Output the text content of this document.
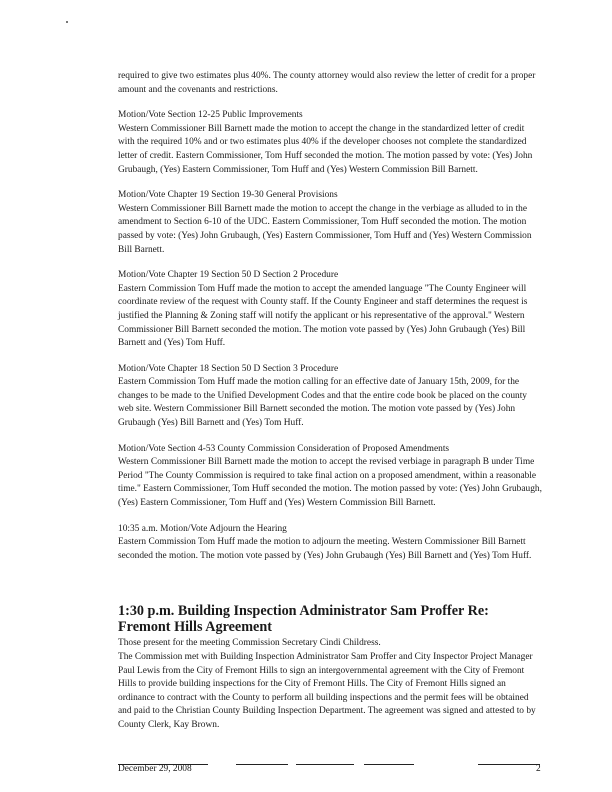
required to give two estimates plus 40%. The county attorney would also review the letter of credit for a proper amount and the covenants and restrictions.

Motion/Vote Section 12-25 Public Improvements
Western Commissioner Bill Barnett made the motion to accept the change in the standardized letter of credit with the required 10% and or two estimates plus 40% if the developer chooses not complete the standardized letter of credit. Eastern Commissioner, Tom Huff seconded the motion. The motion passed by vote: (Yes) John Grubaugh, (Yes) Eastern Commissioner, Tom Huff and (Yes) Western Commission Bill Barnett.
Motion/Vote Chapter 19 Section 19-30 General Provisions
Western Commissioner Bill Barnett made the motion to accept the change in the verbiage as alluded to in the amendment to Section 6-10 of the UDC. Eastern Commissioner, Tom Huff seconded the motion. The motion passed by vote: (Yes) John Grubaugh, (Yes) Eastern Commissioner, Tom Huff and (Yes) Western Commission Bill Barnett.
Motion/Vote Chapter 19 Section 50 D Section 2 Procedure
Eastern Commission Tom Huff made the motion to accept the amended language "The County Engineer will coordinate review of the request with County staff. If the County Engineer and staff determines the request is justified the Planning & Zoning staff will notify the applicant or his representative of the approval." Western Commissioner Bill Barnett seconded the motion. The motion vote passed by (Yes) John Grubaugh (Yes) Bill Barnett and (Yes) Tom Huff.
Motion/Vote Chapter 18 Section 50 D Section 3 Procedure
Eastern Commission Tom Huff made the motion calling for an effective date of January 15th, 2009, for the changes to be made to the Unified Development Codes and that the entire code book be placed on the county web site. Western Commissioner Bill Barnett seconded the motion. The motion vote passed by (Yes) John Grubaugh (Yes) Bill Barnett and (Yes) Tom Huff.
Motion/Vote Section 4-53 County Commission Consideration of Proposed Amendments
Western Commissioner Bill Barnett made the motion to accept the revised verbiage in paragraph B under Time Period "The County Commission is required to take final action on a proposed amendment, within a reasonable time." Eastern Commissioner, Tom Huff seconded the motion. The motion passed by vote: (Yes) John Grubaugh, (Yes) Eastern Commissioner, Tom Huff and (Yes) Western Commission Bill Barnett.
10:35 a.m. Motion/Vote Adjourn the Hearing
Eastern Commission Tom Huff made the motion to adjourn the meeting. Western Commissioner Bill Barnett seconded the motion. The motion vote passed by (Yes) John Grubaugh (Yes) Bill Barnett and (Yes) Tom Huff.
1:30 p.m. Building Inspection Administrator Sam Proffer Re: Fremont Hills Agreement
Those present for the meeting Commission Secretary Cindi Childress.
The Commission met with Building Inspection Administrator Sam Proffer and City Inspector Project Manager Paul Lewis from the City of Fremont Hills to sign an intergovernmental agreement with the City of Fremont Hills to provide building inspections for the City of Fremont Hills. The City of Fremont Hills signed an ordinance to contract with the County to perform all building inspections and the permit fees will be obtained and paid to the Christian County Building Inspection Department. The agreement was signed and attested to by County Clerk, Kay Brown.
December 29, 2008	2
